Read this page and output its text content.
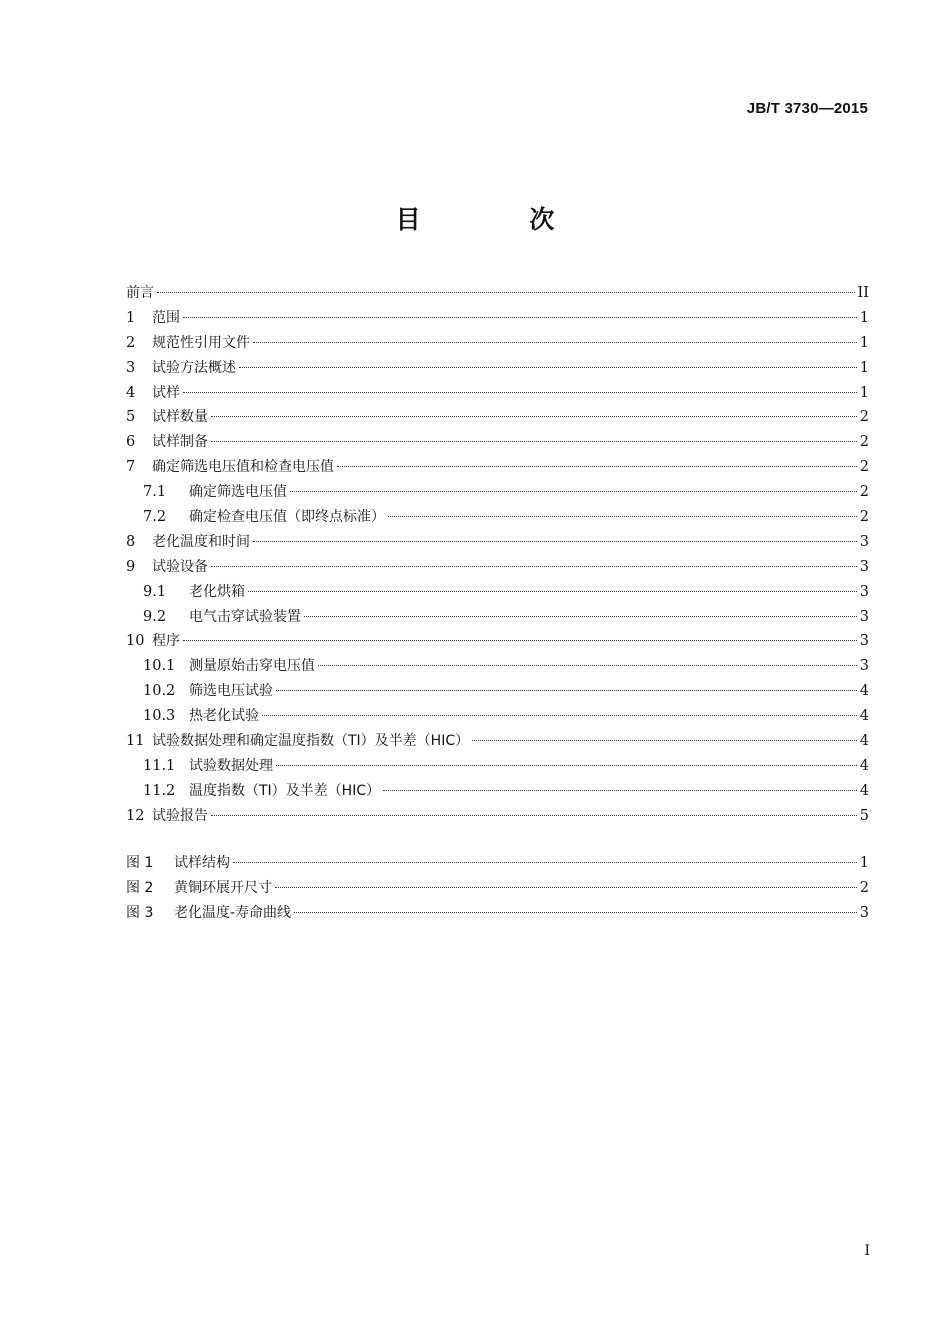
JB/T 3730—2015
目 次
前言	II
1	范围	1
2	规范性引用文件	1
3	试验方法概述	1
4	试样	1
5	试样数量	2
6	试样制备	2
7	确定筛选电压值和检查电压值	2
7.1	确定筛选电压值	2
7.2	确定检查电压值（即终点标准）	2
8	老化温度和时间	3
9	试验设备	3
9.1	老化烘箱	3
9.2	电气击穿试验装置	3
10 程序	3
10.1 测量原始击穿电压值	3
10.2 筛选电压试验	4
10.3 热老化试验	4
11 试验数据处理和确定温度指数（TI）及半差（HIC）	4
11.1 试验数据处理	4
11.2 温度指数（TI）及半差（HIC）	4
12 试验报告	5
图 1	试样结构	1
图 2	黄铜环展开尺寸	2
图 3	老化温度-寿命曲线	3
I
